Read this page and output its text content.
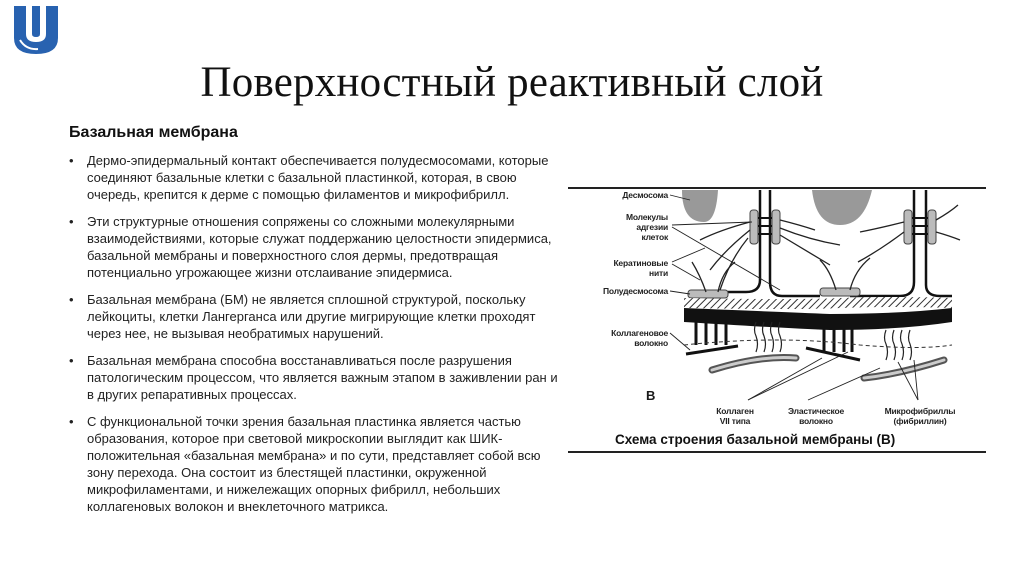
Поверхностный реактивный слой
Базальная мембрана
• Дермо-эпидермальный контакт обеспечивается полудесмосомами, которые соединяют базальные клетки с базальной пластинкой, которая, в свою очередь, крепится к дерме с помощью филаментов и микрофибрилл.
• Эти структурные отношения сопряжены со сложными молекулярными взаимодействиями, которые служат поддержанию целостности эпидермиса, базальной мембраны и поверхностного слоя дермы, предотвращая потенциально угрожающее жизни отслаивание эпидермиса.
• Базальная мембрана (БМ) не является сплошной структурой, поскольку лейкоциты, клетки Лангерганса или другие мигрирующие клетки проходят через нее, не вызывая необратимых нарушений.
• Базальная мембрана способна восстанавливаться после разрушения патологическим процессом, что является важным этапом в заживлении ран и в других репаративных процессах.
• С функциональной точки зрения базальная пластинка является частью образования, которое при световой микроскопии выглядит как ШИК-положительная «базальная мембрана» и по сути, представляет собой всю зону перехода. Она состоит из блестящей пластинки, окруженной микрофиламентами, и нижележащих опорных фибрилл, небольших коллагеновых волокон и внеклеточного матрикса.
Десмосома
Молекулы
адгезии
клеток
Кератиновые
нити
Полудесмосома
Коллагеновое
волокно
Коллаген
VII типа
Эластическое
волокно
Микрофибриллы
(фибриллин)
B
Схема строения базальной мембраны (В)
